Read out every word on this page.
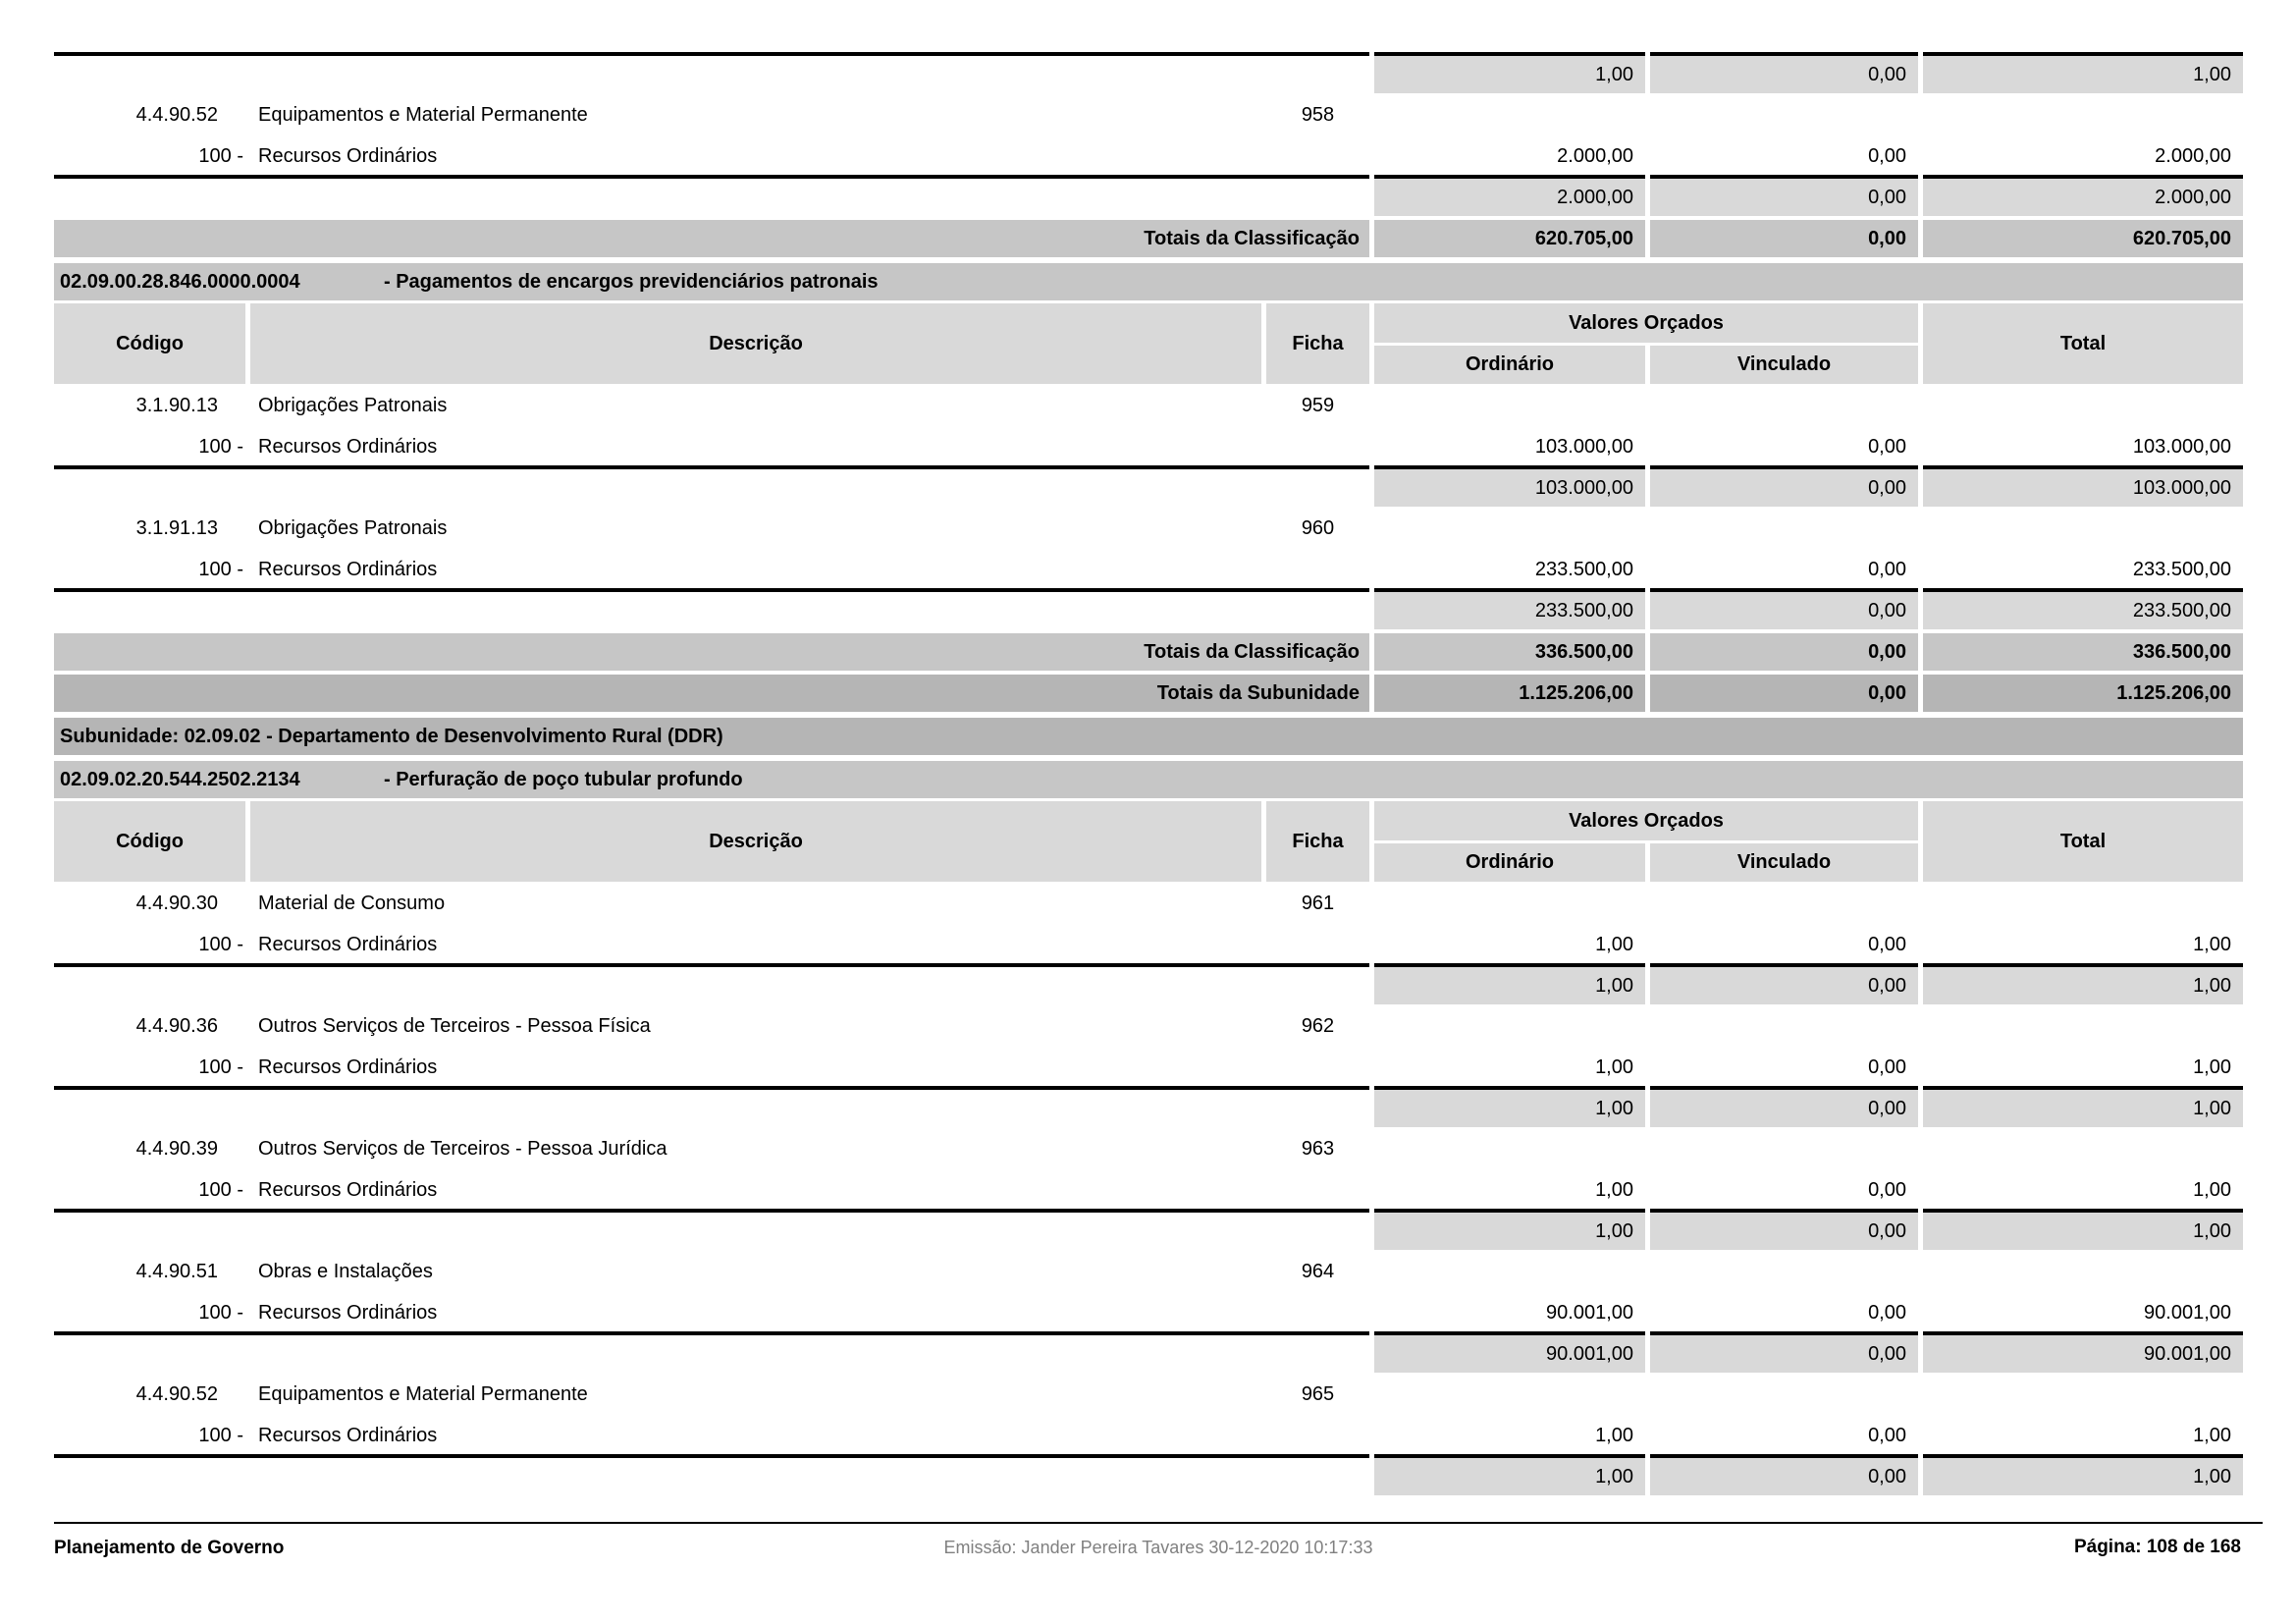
1,00	0,00	1,00
4.4.90.52	Equipamentos e Material Permanente	958
100 - Recursos Ordinários	2.000,00	0,00	2.000,00
2.000,00	0,00	2.000,00
Totais da Classificação	620.705,00	0,00	620.705,00
02.09.00.28.846.0000.0004	- Pagamentos de encargos previdenciários patronais
Código	Descrição	Ficha
Valores Orçados
Ordinário	Vinculado
Total
3.1.90.13	Obrigações Patronais	959
100 - Recursos Ordinários	103.000,00	0,00	103.000,00
103.000,00	0,00	103.000,00
3.1.91.13	Obrigações Patronais	960
100 - Recursos Ordinários	233.500,00	0,00	233.500,00
233.500,00	0,00	233.500,00
Totais da Classificação	336.500,00	0,00	336.500,00
Totais da Subunidade	1.125.206,00	0,00	1.125.206,00
Subunidade: 02.09.02 - Departamento de Desenvolvimento Rural (DDR)
02.09.02.20.544.2502.2134	- Perfuração de poço tubular profundo
Código	Descrição	Ficha
Valores Orçados
Ordinário	Vinculado
Total
4.4.90.30	Material de Consumo	961
100 - Recursos Ordinários	1,00	0,00	1,00
1,00	0,00	1,00
4.4.90.36	Outros Serviços de Terceiros - Pessoa Física	962
100 - Recursos Ordinários	1,00	0,00	1,00
1,00	0,00	1,00
4.4.90.39	Outros Serviços de Terceiros - Pessoa Jurídica	963
100 - Recursos Ordinários	1,00	0,00	1,00
1,00	0,00	1,00
4.4.90.51	Obras e Instalações	964
100 - Recursos Ordinários	90.001,00	0,00	90.001,00
90.001,00	0,00	90.001,00
4.4.90.52	Equipamentos e Material Permanente	965
100 - Recursos Ordinários	1,00	0,00	1,00
1,00	0,00	1,00
Planejamento de Governo	Emissão: Jander Pereira Tavares 30-12-2020 10:17:33	Página: 108 de 168
